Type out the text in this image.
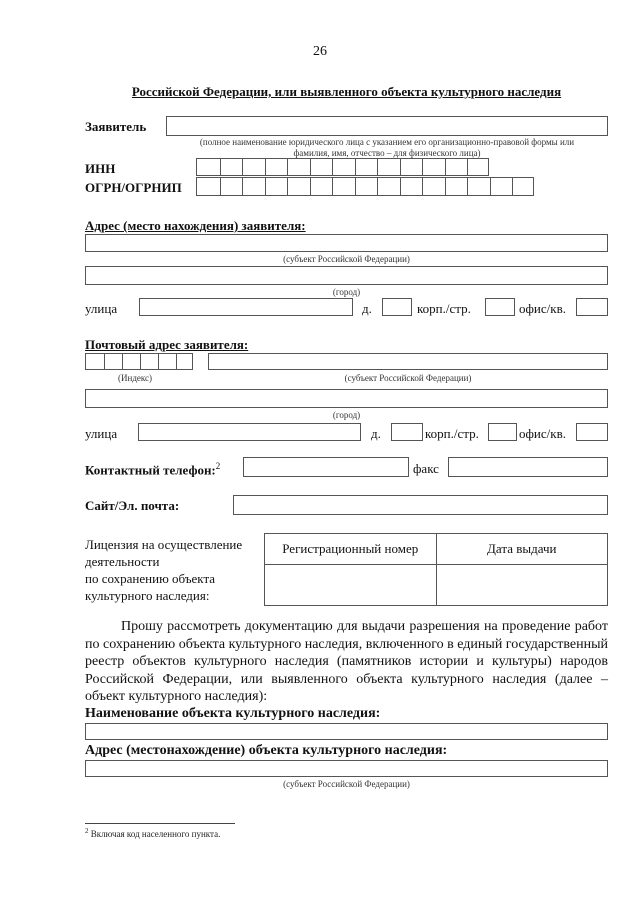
26
Российской Федерации, или выявленного объекта культурного наследия
Заявитель
(полное наименование юридического лица с указанием его организационно-правовой формы или
фамилия, имя, отчество – для физического лица)
ИНН
ОГРН/ОГРНИП
Адрес (место нахождения) заявителя:
(субъект Российской Федерации)
(город)
улица	д.	корп./стр.	офис/кв.
Почтовый адрес заявителя:
(Индекс)	(субъект Российской Федерации)
(город)
улица	д.	корп./стр.	офис/кв.
Контактный телефон:$^2$	факс
Сайт/Эл. почта:
Лицензия на осуществление
деятельности
по сохранению объекта
культурного наследия:
Регистрационный номер	Дата выдачи

Прошу рассмотреть документацию для выдачи разрешения на проведение работ по сохранению объекта культурного наследия, включенного в единый государственный реестр объектов культурного наследия (памятников истории и культуры) народов Российской Федерации, или выявленного объекта культурного наследия (далее – объект культурного наследия):
Наименование объекта культурного наследия:
Адрес (местонахождение) объекта культурного наследия:
(субъект Российской Федерации)
$^2$ Включая код населенного пункта.
